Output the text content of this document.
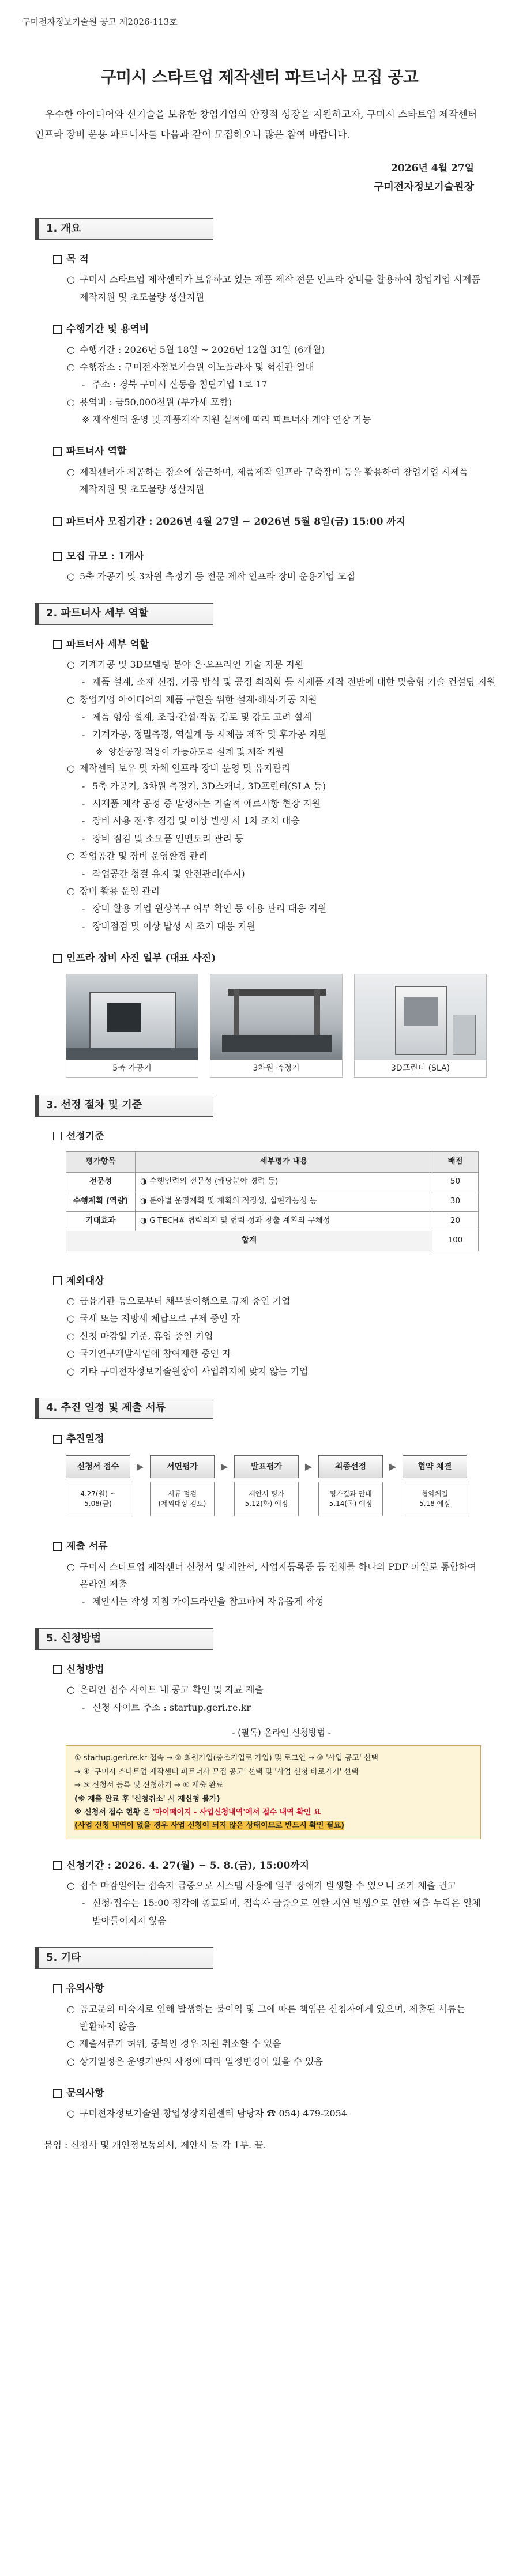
구미전자정보기술원 공고 제2026-113호
구미시 스타트업 제작센터 파트너사 모집 공고
우수한 아이디어와 신기술을 보유한 창업기업의 안정적 성장을 지원하고자, 구미시 스타트업 제작센터 인프라 장비 운용 파트너사를 다음과 같이 모집하오니 많은 참여 바랍니다.
2026년 4월 27일
구미전자정보기술원장
1. 개요
목 적
○ 구미시 스타트업 제작센터가 보유하고 있는 제품 제작 전문 인프라 장비를 활용하여 창업기업 시제품 제작지원 및 초도물량 생산지원
수행기간 및 용역비
○ 수행기간 : 2026년 5월 18일 ~ 2026년 12월 31일 (6개월)
○ 수행장소 : 구미전자정보기술원 이노플라자 및 혁신관 일대
- 주소 : 경북 구미시 산동읍 첨단기업 1로 17
○ 용역비 : 금50,000천원 (부가세 포함)
※ 제작센터 운영 및 제품제작 지원 실적에 따라 파트너사 계약 연장 가능
파트너사 역할
○ 제작센터가 제공하는 장소에 상근하며, 제품제작 인프라 구축장비 등을 활용하여 창업기업 시제품 제작지원 및 초도물량 생산지원
파트너사 모집기간 : 2026년 4월 27일 ~ 2026년 5월 8일(금) 15:00 까지
모집 규모 : 1개사
○ 5축 가공기 및 3차원 측정기 등 전문 제작 인프라 장비 운용기업 모집
2. 파트너사 세부 역할
파트너사 세부 역할
○ 기계가공 및 3D모델링 분야 온·오프라인 기술 자문 지원
- 제품 설계, 소재 선정, 가공 방식 및 공정 최적화 등 시제품 제작 전반에 대한 맞춤형 기술 컨설팅 지원
○ 창업기업 아이디어의 제품 구현을 위한 설계·해석·가공 지원
- 제품 형상 설계, 조립·간섭·작동 검토 및 강도 고려 설계
- 기계가공, 정밀측정, 역설계 등 시제품 제작 및 후가공 지원
※ 양산공정 적용이 가능하도록 설계 및 제작 지원
○ 제작센터 보유 및 자체 인프라 장비 운영 및 유지관리
- 5축 가공기, 3차원 측정기, 3D스캐너, 3D프린터(SLA 등)
- 시제품 제작 공정 중 발생하는 기술적 애로사항 현장 지원
- 장비 사용 전·후 점검 및 이상 발생 시 1차 조치 대응
- 장비 점검 및 소모품 인벤토리 관리 등
○ 작업공간 및 장비 운영환경 관리
- 작업공간 청결 유지 및 안전관리(수시)
○ 장비 활용 운영 관리
- 장비 활용 기업 원상복구 여부 확인 등 이용 관리 대응 지원
- 장비점검 및 이상 발생 시 조기 대응 지원
인프라 장비 사진 일부 (대표 사진)
5축 가공기	3차원 측정기	3D프린터 (SLA)
3. 선정 절차 및 기준
선정기준
평가항목	세부평가 내용	배점
전문성	◑ 수행인력의 전문성 (해당분야 경력 등)	50
수행계획 (역량)	◑ 분야별 운영계획 및 계획의 적정성, 실현가능성 등	30
기대효과	◑ G-TECH# 협력의지 및 협력 성과 창출 계획의 구체성	20
합계		100
제외대상
○ 금융기관 등으로부터 채무불이행으로 규제 중인 기업
○ 국세 또는 지방세 체납으로 규제 중인 자
○ 신청 마감일 기준, 휴업 중인 기업
○ 국가연구개발사업에 참여제한 중인 자
○ 기타 구미전자정보기술원장이 사업취지에 맞지 않는 기업
4. 추진 일정 및 제출 서류
추진일정
신청서 접수
4.27(월) ~
5.08(금)
▶	서면평가
서류 점검
(제외대상 검토)
▶	발표평가
제안서 평가
5.12(화) 예정
▶	최종선정
평가결과 안내
5.14(목) 예정
▶	협약 체결
협약체결
5.18 예정
제출 서류
○ 구미시 스타트업 제작센터 신청서 및 제안서, 사업자등록증 등 전체를 하나의 PDF 파일로 통합하여 온라인 제출
- 제안서는 작성 지침 가이드라인을 참고하여 자유롭게 작성
5. 신청방법
신청방법
○ 온라인 접수 사이트 내 공고 확인 및 자료 제출
- 신청 사이트 주소 : startup.geri.re.kr
- (필독) 온라인 신청방법 -
① startup.geri.re.kr 접속 → ② 회원가입(중소기업로 가입) 및 로그인 → ③ '사업 공고' 선택
→ ④ '구미시 스타트업 제작센터 파트너사 모집 공고' 선택 및 '사업 신청 바로가기' 선택
→ ⑤ 신청서 등록 및 신청하기 → ⑥ 제출 완료
(※ 제출 완료 후 '신청취소' 시 재신청 불가)
※ 신청서 접수 현황 은 '마이페이지 - 사업신청내역'에서 접수 내역 확인 요
(사업 신청 내역이 없을 경우 사업 신청이 되지 않은 상태이므로 반드시 확인 필요)
신청기간 : 2026. 4. 27(월) ~ 5. 8.(금), 15:00까지
○ 접수 마감일에는 접속자 급증으로 시스템 사용에 일부 장애가 발생할 수 있으니 조기 제출 권고
- 신청·접수는 15:00 정각에 종료되며, 접속자 급증으로 인한 지연 발생으로 인한 제출 누락은 일체 받아들이지지 않음
5. 기타
유의사항
○ 공고문의 미숙지로 인해 발생하는 불이익 및 그에 따른 책임은 신청자에게 있으며, 제출된 서류는 반환하지 않음
○ 제출서류가 허위, 중복인 경우 지원 취소할 수 있음
○ 상기일정은 운영기관의 사정에 따라 일정변경이 있을 수 있음
문의사항
○ 구미전자정보기술원 창업성장지원센터 담당자 ☎ 054) 479-2054
붙임 : 신청서 및 개인정보동의서, 제안서 등 각 1부. 끝.
